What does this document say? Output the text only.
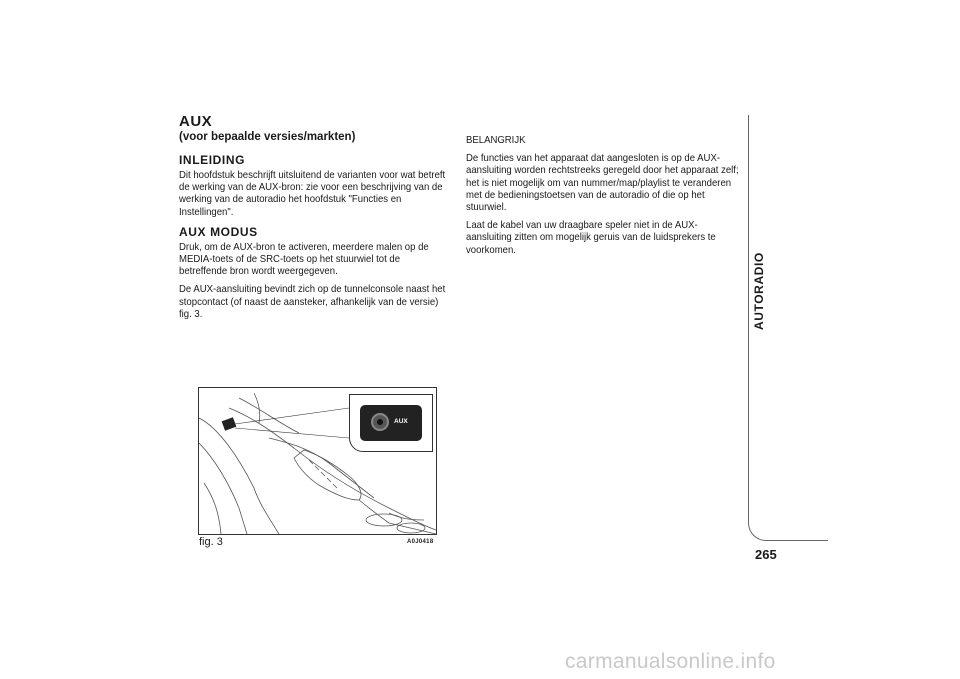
AUX
(voor bepaalde versies/markten)
INLEIDING

Dit hoofdstuk beschrijft uitsluitend de varianten voor wat betreft de werking van de AUX-bron: zie voor een beschrijving van de werking van de autoradio het hoofdstuk "Functies en Instellingen".

AUX MODUS

Druk, om de AUX-bron te activeren, meerdere malen op de MEDIA-toets of de SRC-toets op het stuurwiel tot de betreffende bron wordt weergegeven.

De AUX-aansluiting bevindt zich op de tunnelconsole naast het stopcontact (of naast de aansteker, afhankelijk van de versie) fig. 3.

BELANGRIJK

De functies van het apparaat dat aangesloten is op de AUX-aansluiting worden rechtstreeks geregeld door het apparaat zelf; het is niet mogelijk om van nummer/map/playlist te veranderen met de bedieningstoetsen van de autoradio of die op het stuurwiel.

Laat de kabel van uw draagbare speler niet in de AUX-aansluiting zitten om mogelijk geruis van de luidsprekers te voorkomen.

AUX
fig. 3	A0J0418
AUTORADIO
265
carmanualsonline.info
